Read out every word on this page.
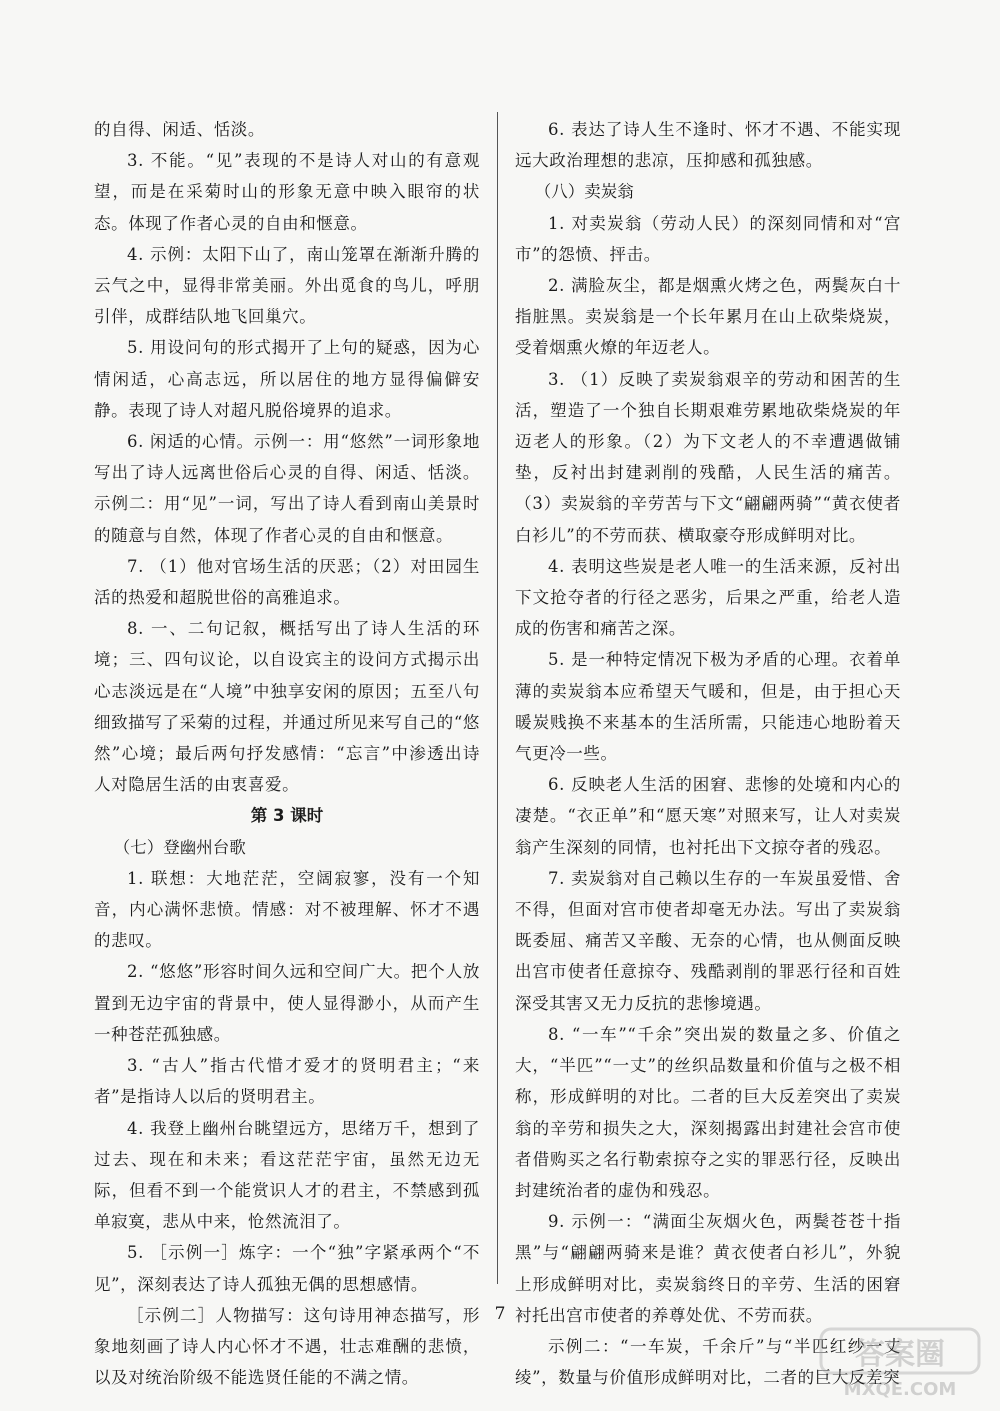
的自得、闲适、恬淡。

3. 不能。“见”表现的不是诗人对山的有意观望，而是在采菊时山的形象无意中映入眼帘的状态。体现了作者心灵的自由和惬意。

4. 示例：太阳下山了，南山笼罩在渐渐升腾的云气之中，显得非常美丽。外出觅食的鸟儿，呼朋引伴，成群结队地飞回巢穴。

5. 用设问句的形式揭开了上句的疑惑，因为心情闲适，心高志远，所以居住的地方显得偏僻安静。表现了诗人对超凡脱俗境界的追求。

6. 闲适的心情。示例一：用“悠然”一词形象地写出了诗人远离世俗后心灵的自得、闲适、恬淡。示例二：用“见”一词，写出了诗人看到南山美景时的随意与自然，体现了作者心灵的自由和惬意。

7. （1）他对官场生活的厌恶；（2）对田园生活的热爱和超脱世俗的高雅追求。

8. 一、二句记叙，概括写出了诗人生活的环境；三、四句议论，以自设宾主的设问方式揭示出心志淡远是在“人境”中独享安闲的原因；五至八句细致描写了采菊的过程，并通过所见来写自己的“悠然”心境；最后两句抒发感情：“忘言”中渗透出诗人对隐居生活的由衷喜爱。

第 3 课时

（七）登幽州台歌

1. 联想：大地茫茫，空阔寂寥，没有一个知音，内心满怀悲愤。情感：对不被理解、怀才不遇的悲叹。

2. “悠悠”形容时间久远和空间广大。把个人放置到无边宇宙的背景中，使人显得渺小，从而产生一种苍茫孤独感。

3. “古人”指古代惜才爱才的贤明君主；“来者”是指诗人以后的贤明君主。

4. 我登上幽州台眺望远方，思绪万千，想到了过去、现在和未来；看这茫茫宇宙，虽然无边无际，但看不到一个能赏识人才的君主，不禁感到孤单寂寞，悲从中来，怆然流泪了。

5. ［示例一］炼字：一个“独”字紧承两个“不见”，深刻表达了诗人孤独无偶的思想感情。

［示例二］人物描写：这句诗用神态描写，形象地刻画了诗人内心怀才不遇，壮志难酬的悲愤，以及对统治阶级不能选贤任能的不满之情。

6. 表达了诗人生不逢时、怀才不遇、不能实现远大政治理想的悲凉，压抑感和孤独感。

（八）卖炭翁

1. 对卖炭翁（劳动人民）的深刻同情和对“宫市”的怨愤、抨击。

2. 满脸灰尘，都是烟熏火烤之色，两鬓灰白十指脏黑。卖炭翁是一个长年累月在山上砍柴烧炭，受着烟熏火燎的年迈老人。

3. （1）反映了卖炭翁艰辛的劳动和困苦的生活，塑造了一个独自长期艰难劳累地砍柴烧炭的年迈老人的形象。（2）为下文老人的不幸遭遇做铺垫，反衬出封建剥削的残酷，人民生活的痛苦。（3）卖炭翁的辛劳苦与下文“翩翩两骑”“黄衣使者白衫儿”的不劳而获、横取豪夺形成鲜明对比。

4. 表明这些炭是老人唯一的生活来源，反衬出下文抢夺者的行径之恶劣，后果之严重，给老人造成的伤害和痛苦之深。

5. 是一种特定情况下极为矛盾的心理。衣着单薄的卖炭翁本应希望天气暖和，但是，由于担心天暖炭贱换不来基本的生活所需，只能违心地盼着天气更冷一些。

6. 反映老人生活的困窘、悲惨的处境和内心的凄楚。“衣正单”和“愿天寒”对照来写，让人对卖炭翁产生深刻的同情，也衬托出下文掠夺者的残忍。

7. 卖炭翁对自己赖以生存的一车炭虽爱惜、舍不得，但面对宫市使者却毫无办法。写出了卖炭翁既委屈、痛苦又辛酸、无奈的心情，也从侧面反映出宫市使者任意掠夺、残酷剥削的罪恶行径和百姓深受其害又无力反抗的悲惨境遇。

8. “一车”“千余”突出炭的数量之多、价值之大，“半匹”“一丈”的丝织品数量和价值与之极不相称，形成鲜明的对比。二者的巨大反差突出了卖炭翁的辛劳和损失之大，深刻揭露出封建社会宫市使者借购买之名行勒索掠夺之实的罪恶行径，反映出封建统治者的虚伪和残忍。

9. 示例一：“满面尘灰烟火色，两鬓苍苍十指黑”与“翩翩两骑来是谁？黄衣使者白衫儿”，外貌上形成鲜明对比，卖炭翁终日的辛劳、生活的困窘衬托出宫市使者的养尊处优、不劳而获。

示例二：“一车炭，千余斤”与“半匹红纱一丈绫”，数量与价值形成鲜明对比，二者的巨大反差突

7
答案圈
MXQE.COM
